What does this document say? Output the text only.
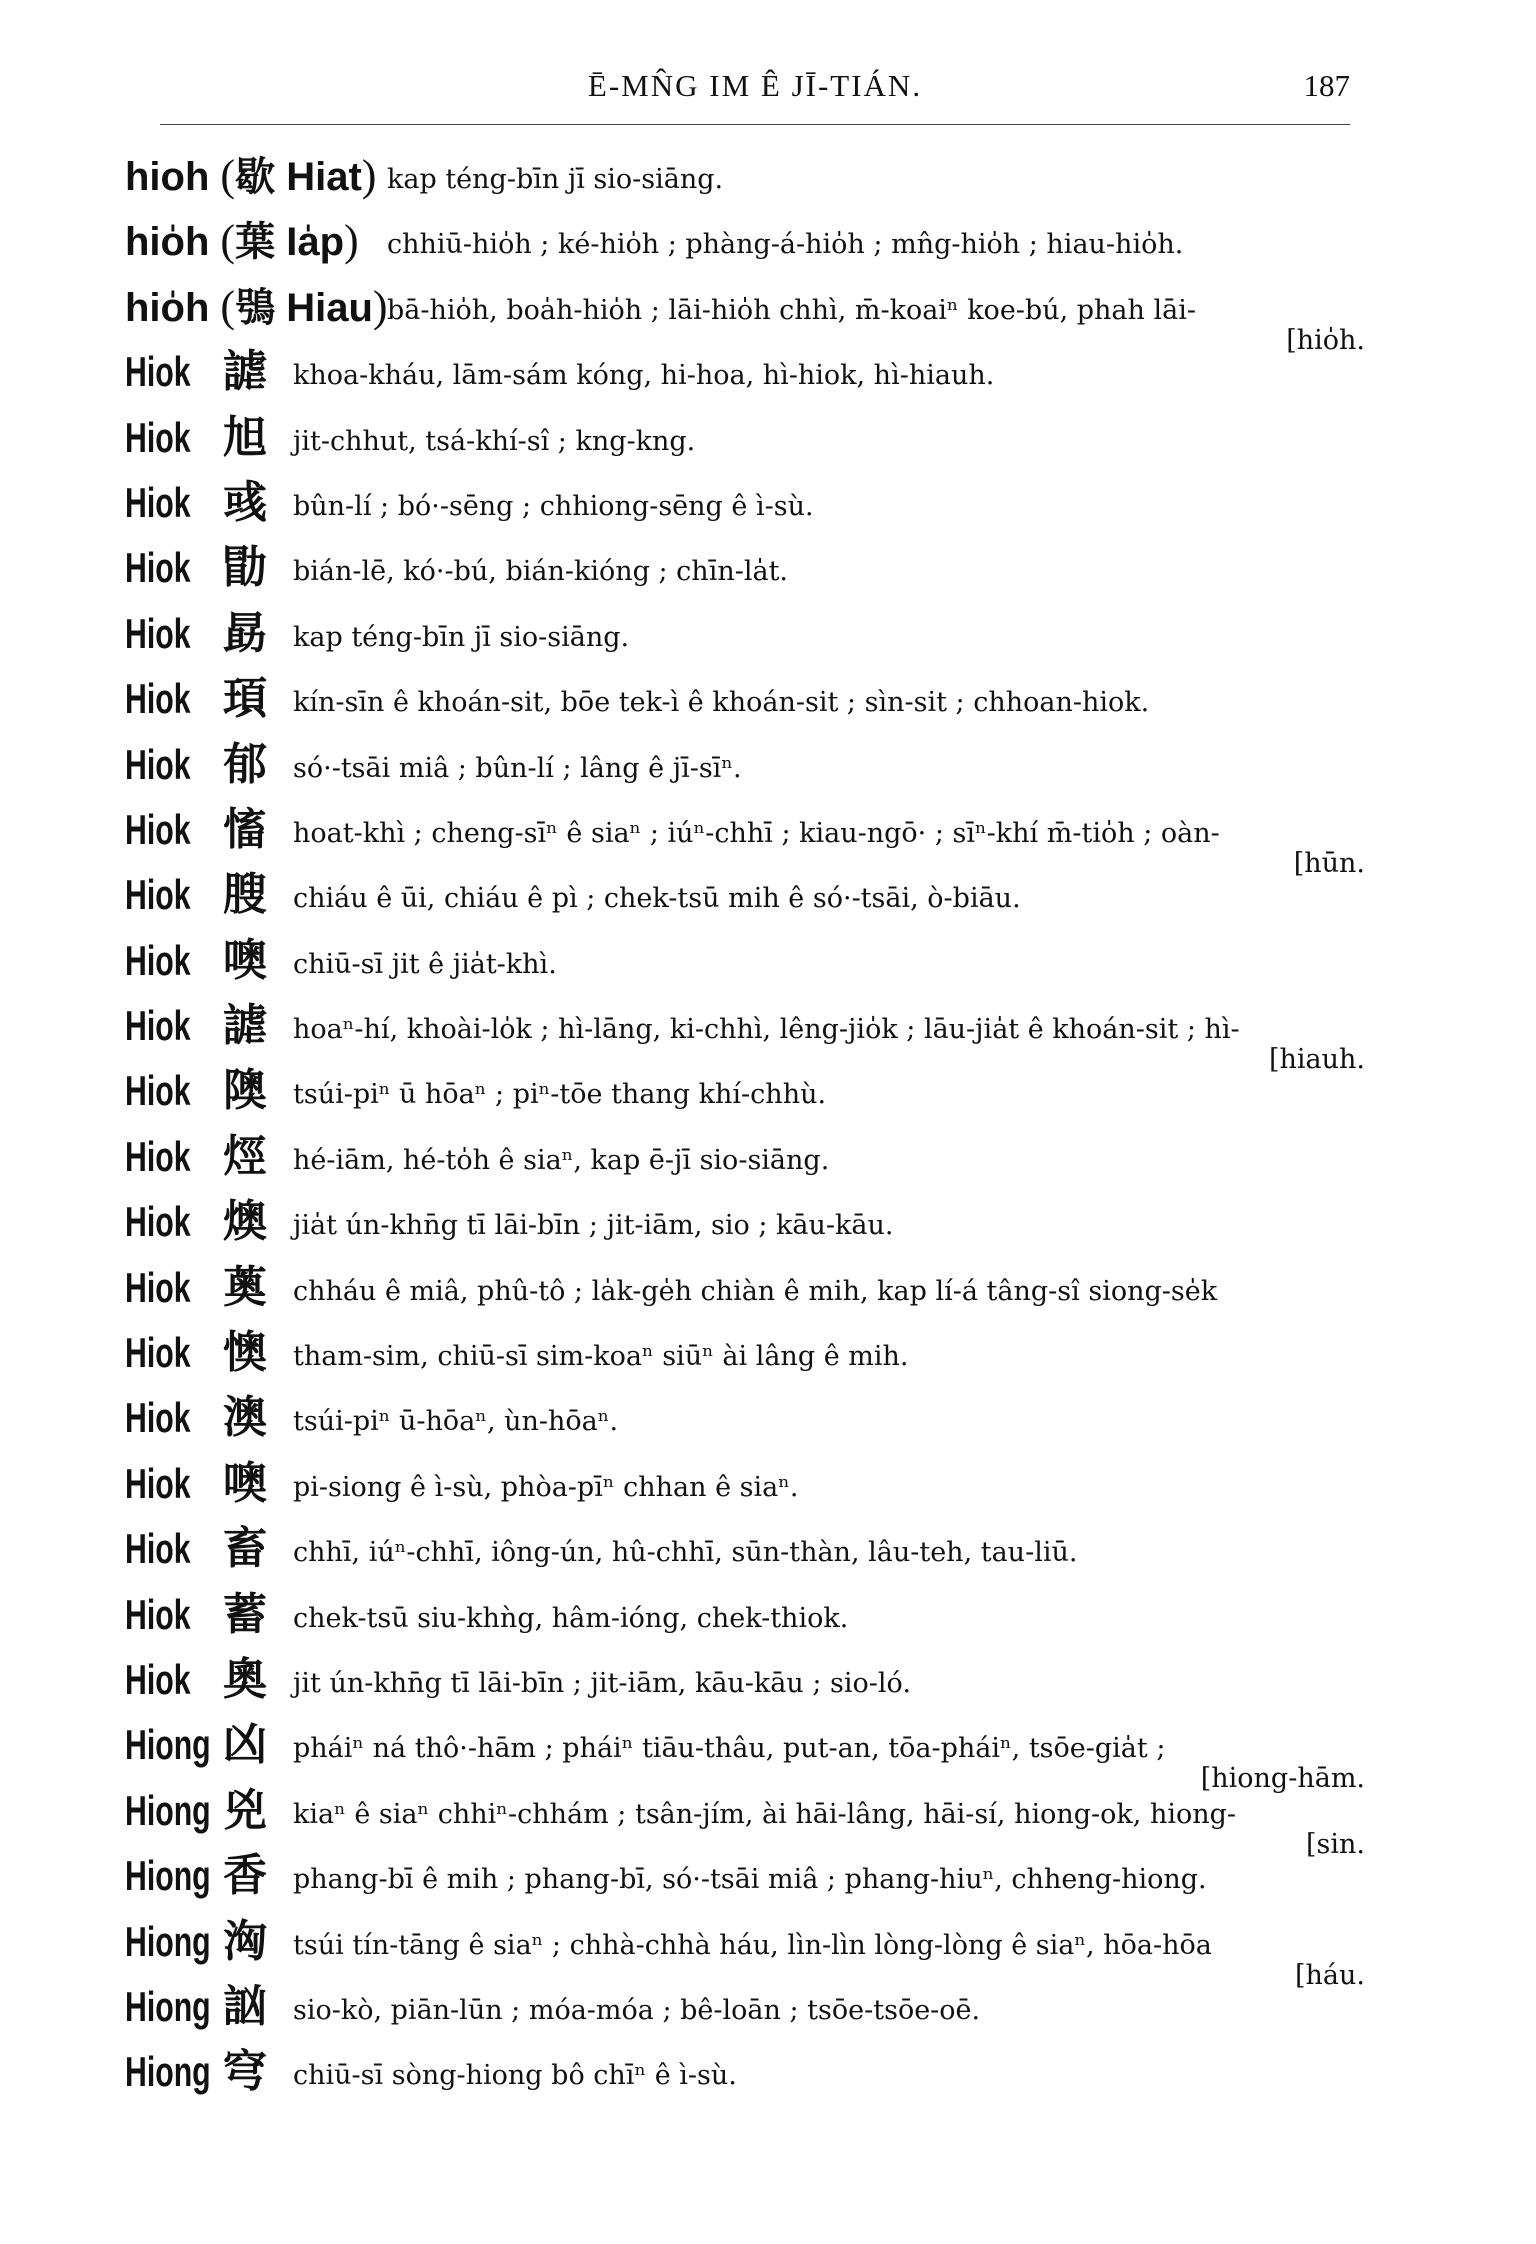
Ē-MN̂G IM Ê JĪ-TIÁN.	187
hioh (歇 Hiat) kap téng-bīn jī sio-siāng.
hio̍h (葉 Ia̍p) chhiū-hio̍h ; ké-hio̍h ; phàng-á-hio̍h ; mn̂g-hio̍h ; hiau-hio̍h.
hio̍h (鴞 Hiau) bā-hio̍h, boa̍h-hio̍h ; lāi-hio̍h chhì, m̄-koaiⁿ koe-bú, phah lāi-
[hio̍h.
Hiok 謔 khoa-kháu, lām-sám kóng, hi-hoa, hì-hiok, hì-hiauh.
Hiok 旭 jit-chhut, tsá-khí-sî ; kng-kng.
Hiok 彧 bûn-lí ; bó·-sēng ; chhiong-sēng ê ì-sù.
Hiok 勖 bián-lē, kó·-bú, bián-kióng ; chīn-la̍t.
Hiok 勗 kap téng-bīn jī sio-siāng.
Hiok 頊 kín-sīn ê khoán-sit, bōe tek-ì ê khoán-sit ; sìn-sit ; chhoan-hiok.
Hiok 郁 só·-tsāi miâ ; bûn-lí ; lâng ê jī-sīⁿ.
Hiok 慉 hoat-khì ; cheng-sīⁿ ê siaⁿ ; iúⁿ-chhī ; kiau-ngō· ; sīⁿ-khí m̄-tio̍h ; oàn-
[hūn.
Hiok 膄 chiáu ê ūi, chiáu ê pì ; chek-tsū mih ê só·-tsāi, ò-biāu.
Hiok 噢 chiū-sī jit ê jia̍t-khì.
Hiok 謔 hoaⁿ-hí, khoài-lo̍k ; hì-lāng, ki-chhì, lêng-jio̍k ; lāu-jia̍t ê khoán-sit ; hì-
[hiauh.
Hiok 隩 tsúi-piⁿ ū hōaⁿ ; piⁿ-tōe thang khí-chhù.
Hiok 烴 hé-iām, hé-to̍h ê siaⁿ, kap ē-jī sio-siāng.
Hiok 燠 jia̍t ún-khn̄g tī lāi-bīn ; jit-iām, sio ; kāu-kāu.
Hiok 薁 chháu ê miâ, phû-tô ; la̍k-ge̍h chiàn ê mih, kap lí-á tâng-sî siong-se̍k
Hiok 懊 tham-sim, chiū-sī sim-koaⁿ siūⁿ ài lâng ê mih.
Hiok 澳 tsúi-piⁿ ū-hōaⁿ, ùn-hōaⁿ.
Hiok 噢 pi-siong ê ì-sù, phòa-pīⁿ chhan ê siaⁿ.
Hiok 畜 chhī, iúⁿ-chhī, iông-ún, hû-chhī, sūn-thàn, lâu-teh, tau-liū.
Hiok 蓄 chek-tsū siu-khǹg, hâm-ióng, chek-thiok.
Hiok 奧 jit ún-khn̄g tī lāi-bīn ; jit-iām, kāu-kāu ; sio-ló.
Hiong 凶 pháiⁿ ná thô·-hām ; pháiⁿ tiāu-thâu, put-an, tōa-pháiⁿ, tsōe-gia̍t ;
[hiong-hām.
Hiong 兇 kiaⁿ ê siaⁿ chhiⁿ-chhám ; tsân-jím, ài hāi-lâng, hāi-sí, hiong-ok, hiong-
[sin.
Hiong 香 phang-bī ê mih ; phang-bī, só·-tsāi miâ ; phang-hiuⁿ, chheng-hiong.
Hiong 洶 tsúi tín-tāng ê siaⁿ ; chhà-chhà háu, lìn-lìn lòng-lòng ê siaⁿ, hōa-hōa
[háu.
Hiong 訩 sio-kò, piān-lūn ; móa-móa ; bê-loān ; tsōe-tsōe-oē.
Hiong 穹 chiū-sī sòng-hiong bô chīⁿ ê ì-sù.
